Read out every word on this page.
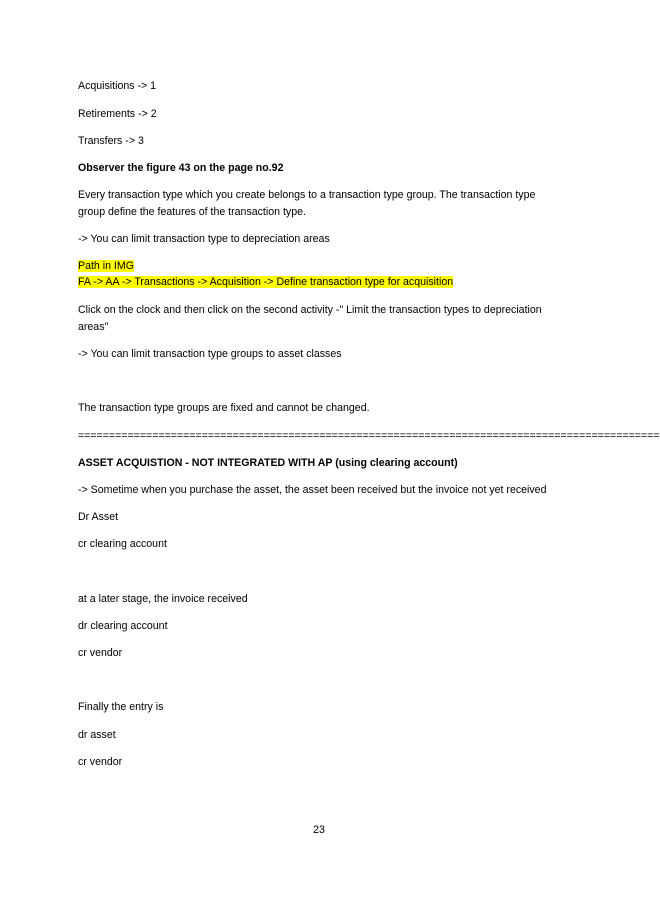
Acquisitions -> 1
Retirements -> 2
Transfers -> 3
Observer the figure 43 on the page no.92
Every transaction type which you create belongs to a transaction type group. The transaction type
group define the features of the transaction type.
-> You can limit transaction type to depreciation areas
Path in IMG
FA -> AA -> Transactions -> Acquisition -> Define transaction type for acquisition
Click on the clock and then click on the second activity -" Limit the transaction types to depreciation
areas"
-> You can limit transaction type groups to asset classes
The transaction type groups are fixed and cannot be changed.
==============================================================================================
ASSET ACQUISTION - NOT INTEGRATED WITH AP (using clearing account)
-> Sometime when you purchase the asset, the asset been received but the invoice not yet received
Dr Asset
cr clearing account
at a later stage, the invoice received
dr clearing account
cr vendor
Finally the entry is
dr asset
cr vendor
23
